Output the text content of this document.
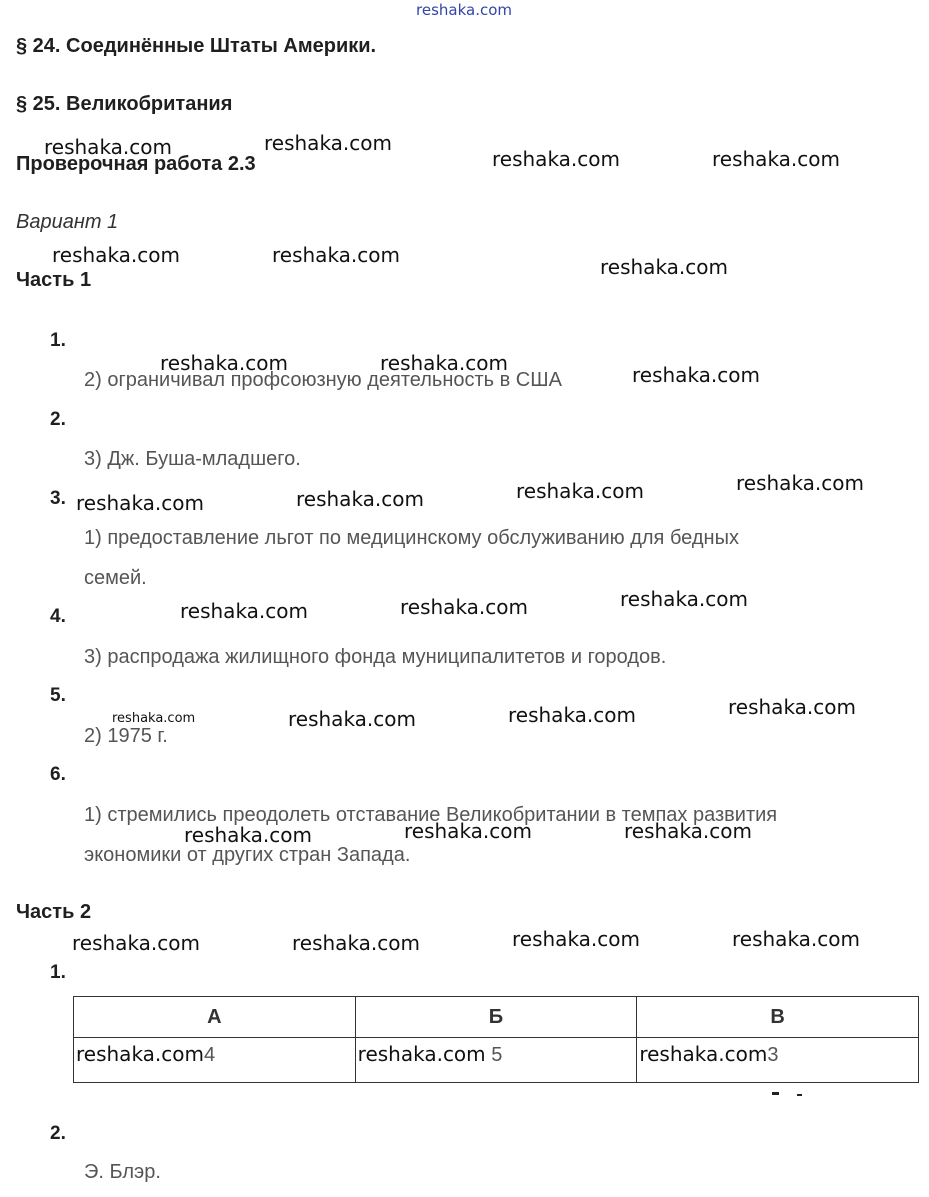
reshaka.com
§ 24. Соединённые Штаты Америки.
§ 25. Великобритания
Проверочная работа 2.3
Вариант 1
Часть 1
1.
2) ограничивал профсоюзную деятельность в США
2.
3) Дж. Буша-младшего.
3.
1) предоставление льгот по медицинскому обслуживанию для бедных
семей.
4.
3) распродажа жилищного фонда муниципалитетов и городов.
5.
2) 1975 г.
6.
1) стремились преодолеть отставание Великобритании в темпах развития
экономики от других стран Запада.
Часть 2
1.
А	Б	В
reshaka.com4	reshaka.com 5	reshaka.com3
2.
Э. Блэр.
reshaka.com	reshaka.com
reshaka.com	reshaka.com
reshaka.com	reshaka.com	reshaka.com
reshaka.com	reshaka.com	reshaka.com
reshaka.com	reshaka.com	reshaka.com	reshaka.com
reshaka.com	reshaka.com	reshaka.com
reshaka.com	reshaka.com	reshaka.com	reshaka.com
reshaka.com	reshaka.com	reshaka.com
reshaka.com	reshaka.com	reshaka.com	reshaka.com
